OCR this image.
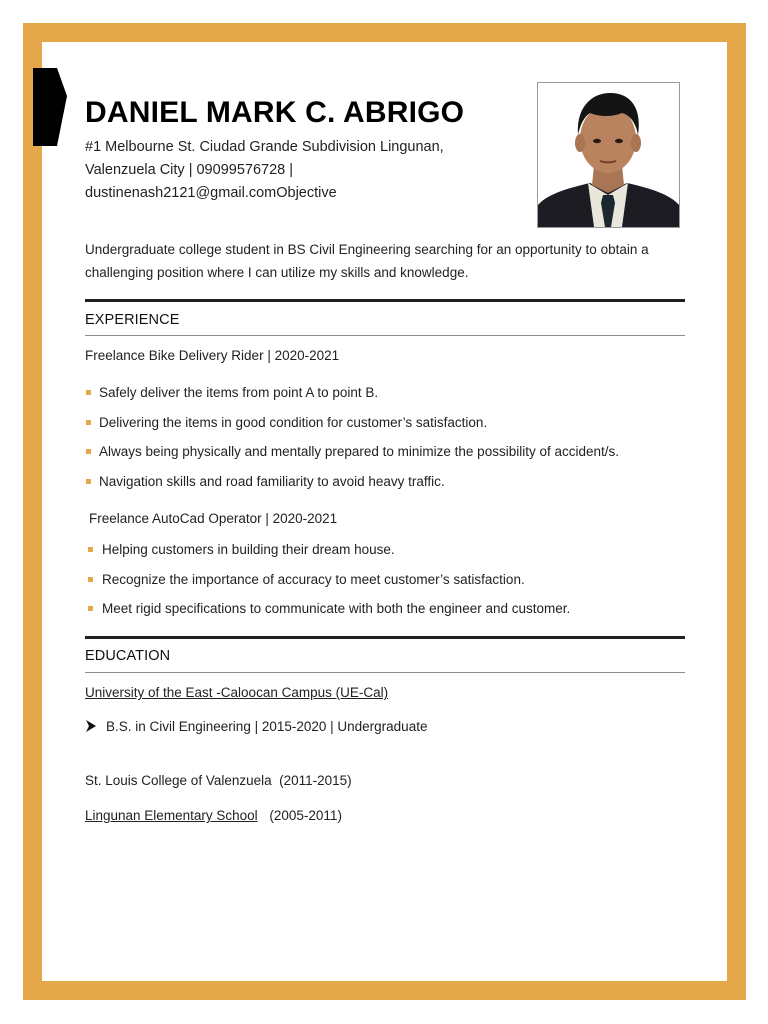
DANIEL MARK C. ABRIGO
#1 Melbourne St. Ciudad Grande Subdivision Lingunan,
Valenzuela City | 09099576728 |
dustinenash2121@gmail.comObjective
Undergraduate college student in BS Civil Engineering searching for an opportunity to obtain a challenging position where I can utilize my skills and knowledge.
EXPERIENCE
Freelance Bike Delivery Rider | 2020-2021
Safely deliver the items from point A to point B.
Delivering the items in good condition for customer’s satisfaction.
Always being physically and mentally prepared to minimize the possibility of accident/s.
Navigation skills and road familiarity to avoid heavy traffic.
Freelance AutoCad Operator | 2020-2021
Helping customers in building their dream house.
Recognize the importance of accuracy to meet customer’s satisfaction.
Meet rigid specifications to communicate with both the engineer and customer.
EDUCATION
University of the East -Caloocan Campus (UE-Cal)
B.S. in Civil Engineering | 2015-2020 | Undergraduate
St. Louis College of Valenzuela  (2011-2015)
Lingunan Elementary School (2005-2011)
